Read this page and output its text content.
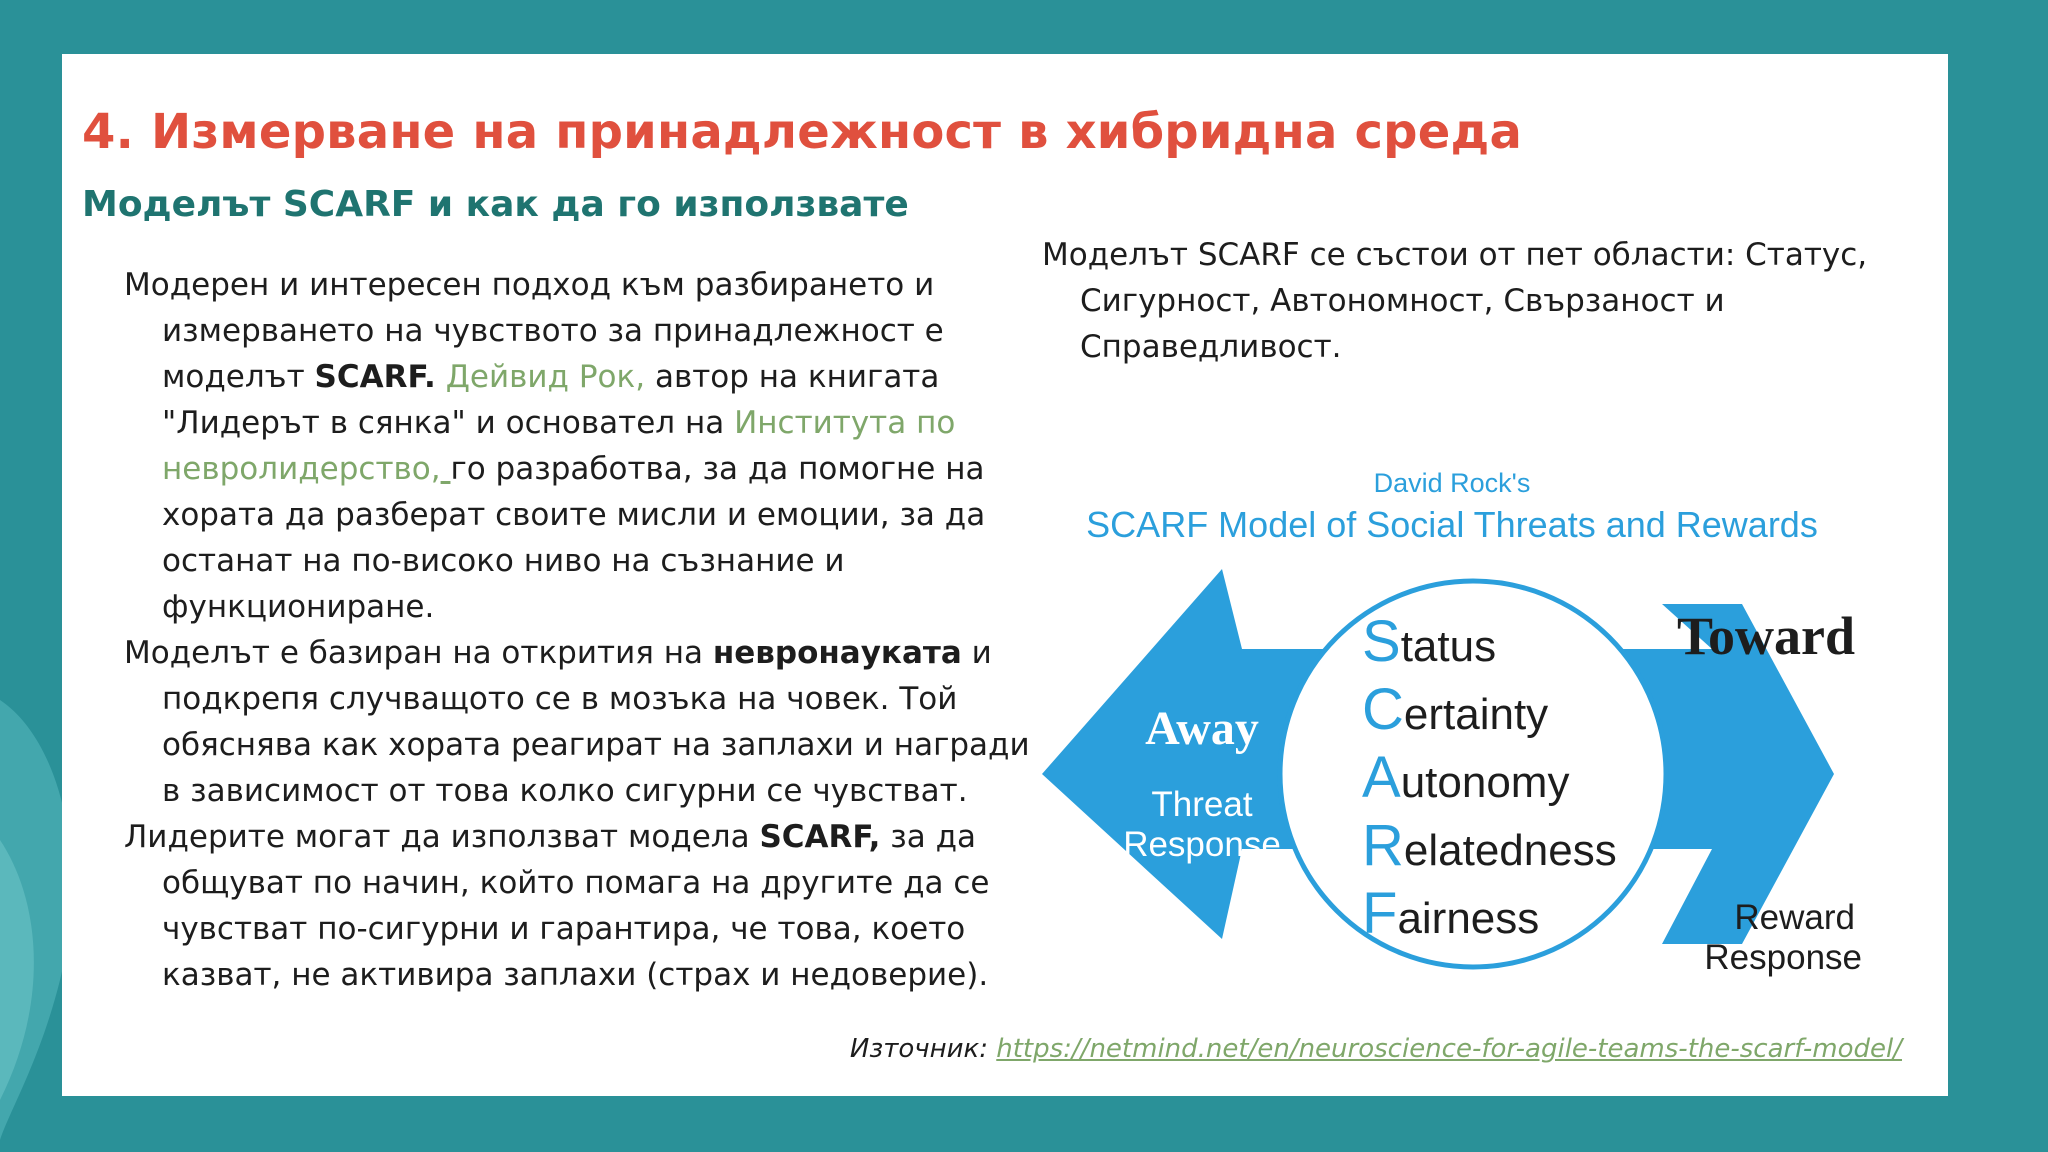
4. Измерване на принадлежност в хибридна среда
Моделът SCARF и как да го използвате

Модерен и интересен подход към разбирането и измерването на чувството за принадлежност е моделът SCARF. Дейвид Рок, автор на книгата "Лидерът в сянка" и основател на Института по невролидерство, го разработва, за да помогне на хората да разберат своите мисли и емоции, за да останат на по-високо ниво на съзнание и функциониране.

Моделът е базиран на открития на невронауката и подкрепя случващото се в мозъка на човек. Той обяснява как хората реагират на заплахи и награди в зависимост от това колко сигурни се чувстват.

Лидерите могат да използват модела SCARF, за да общуват по начин, който помага на другите да се чувстват по-сигурни и гарантира, че това, което казват, не активира заплахи (страх и недоверие).

Моделът SCARF се състои от пет области: Статус, Сигурност, Автономност, Свързаност и Справедливост.

David Rock's
SCARF Model of Social Threats and Rewards
Away
Threat
Response
Toward
Reward
Response
Status
Certainty
Autonomy
Relatedness
Fairness
Източник: https://netmind.net/en/neuroscience-for-agile-teams-the-scarf-model/
